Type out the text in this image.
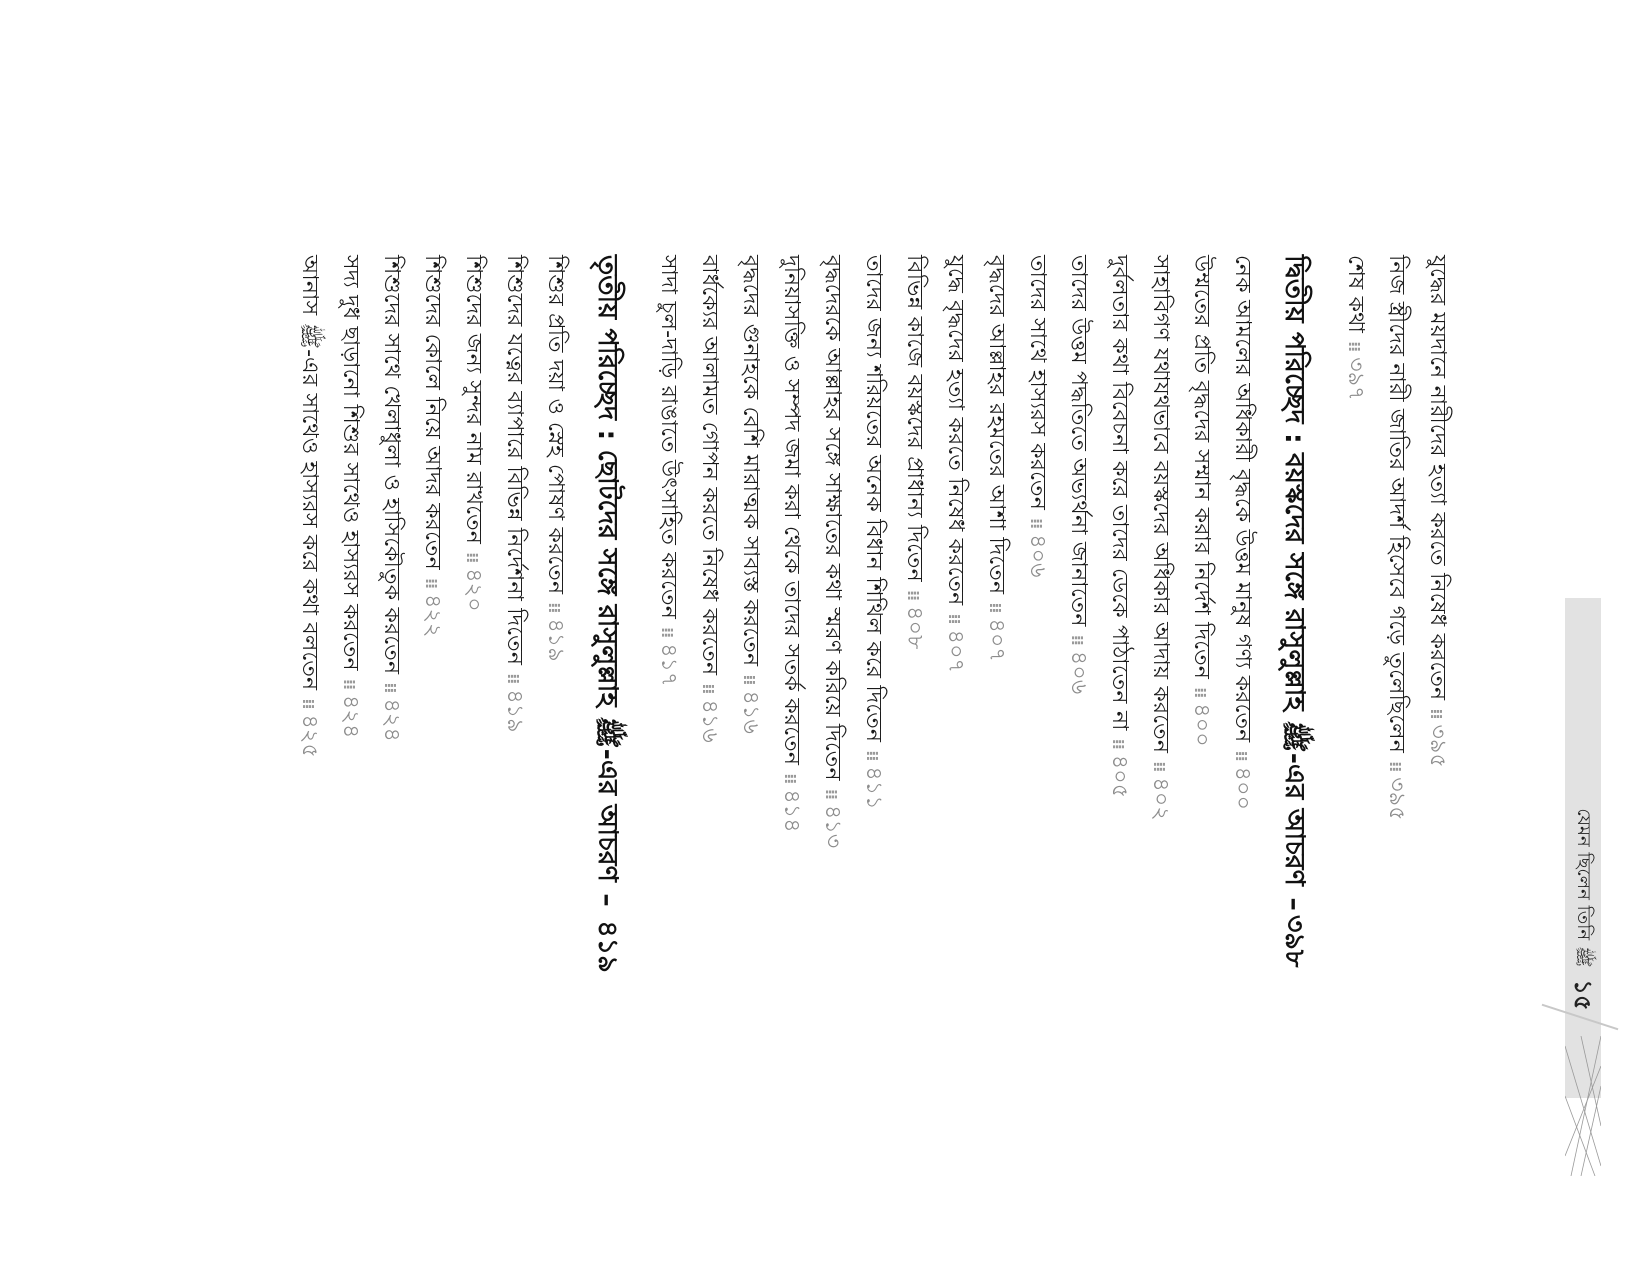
যেমন ছিলেন তিনি ﷺ
১৫
যুদ্ধের ময়দানে নারীদের হত্যা করতে নিষেধ করতেন⁞⁞৩৯৫
নিজ স্ত্রীদের নারী জাতির আদর্শ হিসেবে গড়ে তুলেছিলেন⁞⁞৩৯৫
শেষ কথা⁞⁞৩৯৭
দ্বিতীয় পরিচ্ছেদ : বয়স্কদের সঙ্গে রাসুলুল্লাহ ﷺ-এর আচরণ –৩৯৮
নেক আমলের অধিকারী বৃদ্ধকে উত্তম মানুষ গণ্য করতেন⁞⁞৪০০
উম্মতের প্রতি বৃদ্ধদের সম্মান করার নির্দেশ দিতেন⁞⁞৪০০
সাহাবিগণ যথাযথভাবে বয়স্কদের অধিকার আদায় করতেন⁞⁞৪০২
দুর্বলতার কথা বিবেচনা করে তাদের ডেকে পাঠাতেন না⁞⁞৪০৫
তাদের উত্তম পদ্ধতিতে অভ্যর্থনা জানাতেন⁞⁞৪০৬
তাদের সাথে হাস্যরস করতেন⁞⁞৪০৬
বৃদ্ধদের আল্লাহর রহমতের আশা দিতেন⁞⁞৪০৭
যুদ্ধে বৃদ্ধদের হত্যা করতে নিষেধ করতেন⁞⁞৪০৭
বিভিন্ন কাজে বয়স্কদের প্রাধান্য দিতেন⁞⁞৪০৮
তাদের জন্য শরিয়তের অনেক বিধান শিথিল করে দিতেন⁞⁞৪১১
বৃদ্ধদেরকে আল্লাহর সঙ্গে সাক্ষাতের কথা স্মরণ করিয়ে দিতেন⁞⁞৪১৩
দুনিয়াসক্তি ও সম্পদ জমা করা থেকে তাদের সতর্ক করতেন⁞⁞৪১৪
বৃদ্ধদের গুনাহকে বেশি মারাত্মক সাব্যস্ত করতেন⁞⁞৪১৬
বার্ধক্যের আলামত গোপন করতে নিষেধ করতেন⁞⁞৪১৬
সাদা চুল-দাড়ি রাঙাতে উৎসাহিত করতেন⁞⁞৪১৭
তৃতীয় পরিচ্ছেদ : ছোটদের সঙ্গে রাসুলুল্লাহ ﷺ-এর আচরণ – ৪১৯
শিশুর প্রতি দয়া ও স্নেহ পোষণ করতেন⁞⁞৪১৯
শিশুদের যত্নের ব্যাপারে বিভিন্ন নির্দেশনা দিতেন⁞⁞৪১৯
শিশুদের জন্য সুন্দর নাম রাখতেন⁞⁞৪২০
শিশুদের কোলে নিয়ে আদর করতেন⁞⁞৪২২
শিশুদের সাথে খেলাধুলা ও হাসিকৌতুক করতেন⁞⁞৪২৪
সদ্য দুধ ছাড়ানো শিশুর সাথেও হাস্যরস করতেন⁞⁞৪২৪
আনাস ﷺ-এর সাথেও হাস্যরস করে কথা বলতেন⁞⁞৪২৫
